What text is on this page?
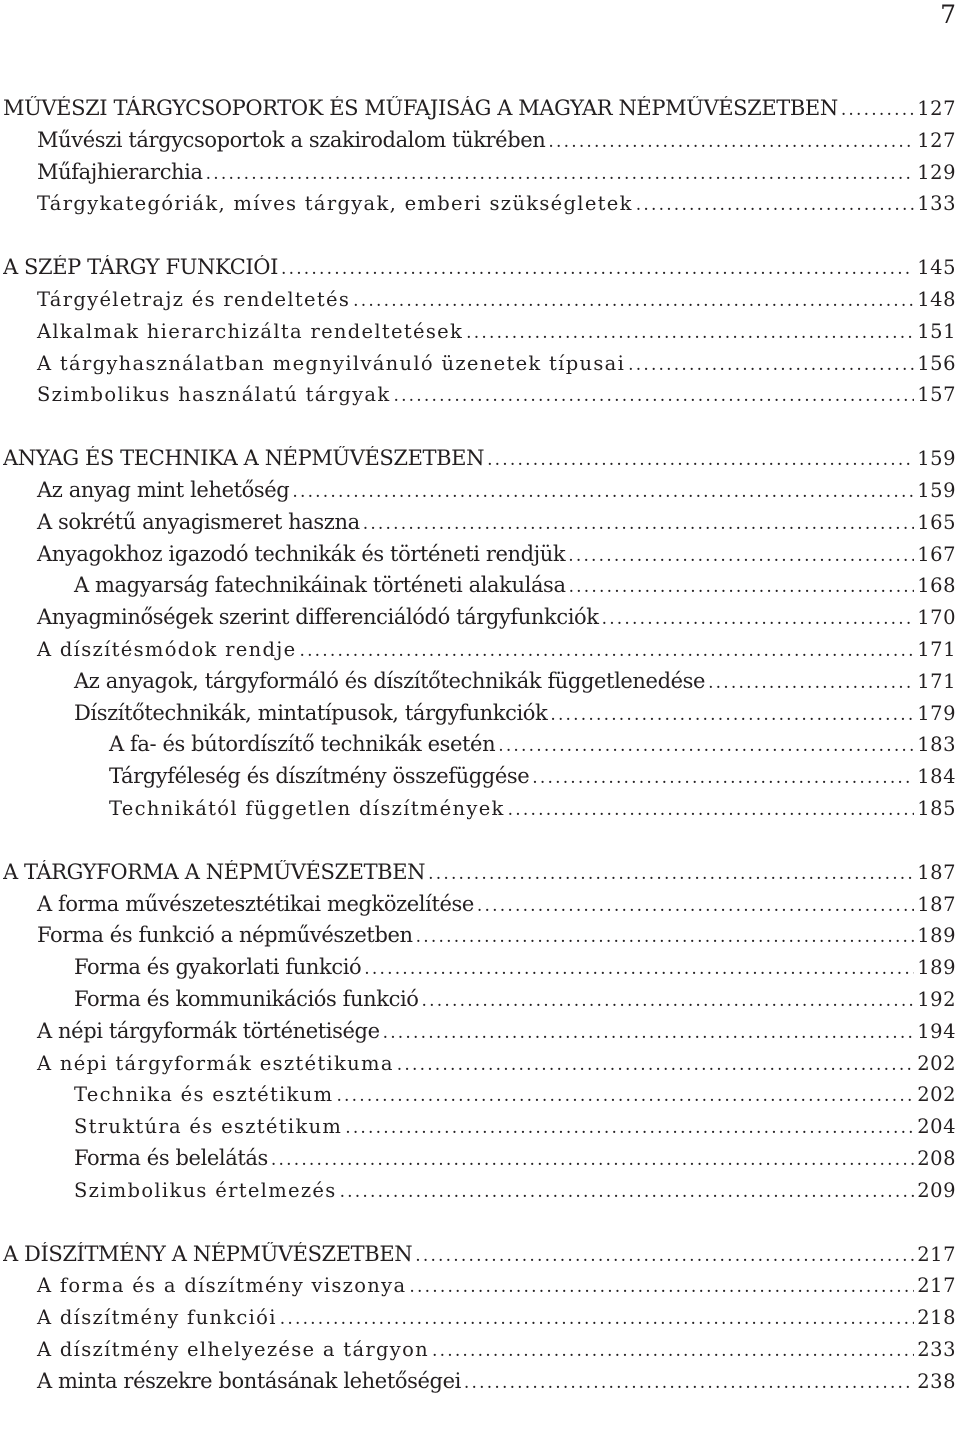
7
MŰVÉSZI TÁRGYCSOPORTOK ÉS MŰFAJISÁG A MAGYAR NÉPMŰVÉSZETBEN . . .	127
Művészi tárgycsoportok a szakirodalom tükrében . . .	127
Műfajhierarchia . . .	129
Tárgykategóriák, míves tárgyak, emberi szükségletek . . .	133
A SZÉP TÁRGY FUNKCIÓI . . .	145
Tárgyéletrajz és rendeltetés . . .	148
Alkalmak hierarchizálta rendeltetések . . .	151
A tárgyhasználatban megnyilvánuló üzenetek típusai . . .	156
Szimbolikus használatú tárgyak . . .	157
ANYAG ÉS TECHNIKA A NÉPMŰVÉSZETBEN . . .	159
Az anyag mint lehetőség . . .	159
A sokrétű anyagismeret haszna . . .	165
Anyagokhoz igazodó technikák és történeti rendjük . . .	167
A magyarság fatechnikáinak történeti alakulása . . .	168
Anyagminőségek szerint differenciálódó tárgyfunkciók . . .	170
A díszítésmódok rendje . . .	171
Az anyagok, tárgyformáló és díszítőtechnikák függetlenedése . . .	171
Díszítőtechnikák, mintatípusok, tárgyfunkciók . . .	179
A fa- és bútordíszítő technikák esetén . . .	183
Tárgyféleség és díszítmény összefüggése . . .	184
Technikától független díszítmények . . .	185
A TÁRGYFORMA A NÉPMŰVÉSZETBEN . . .	187
A forma művészetesztétikai megközelítése . . .	187
Forma és funkció a népművészetben . . .	189
Forma és gyakorlati funkció . . .	189
Forma és kommunikációs funkció . . .	192
A népi tárgyformák történetisége . . .	194
A népi tárgyformák esztétikuma . . .	202
Technika és esztétikum . . .	202
Struktúra és esztétikum . . .	204
Forma és belelátás . . .	208
Szimbolikus értelmezés . . .	209
A DÍSZÍTMÉNY A NÉPMŰVÉSZETBEN . . .	217
A forma és a díszítmény viszonya . . .	217
A díszítmény funkciói . . .	218
A díszítmény elhelyezése a tárgyon . . .	233
A minta részekre bontásának lehetőségei . . .	238
